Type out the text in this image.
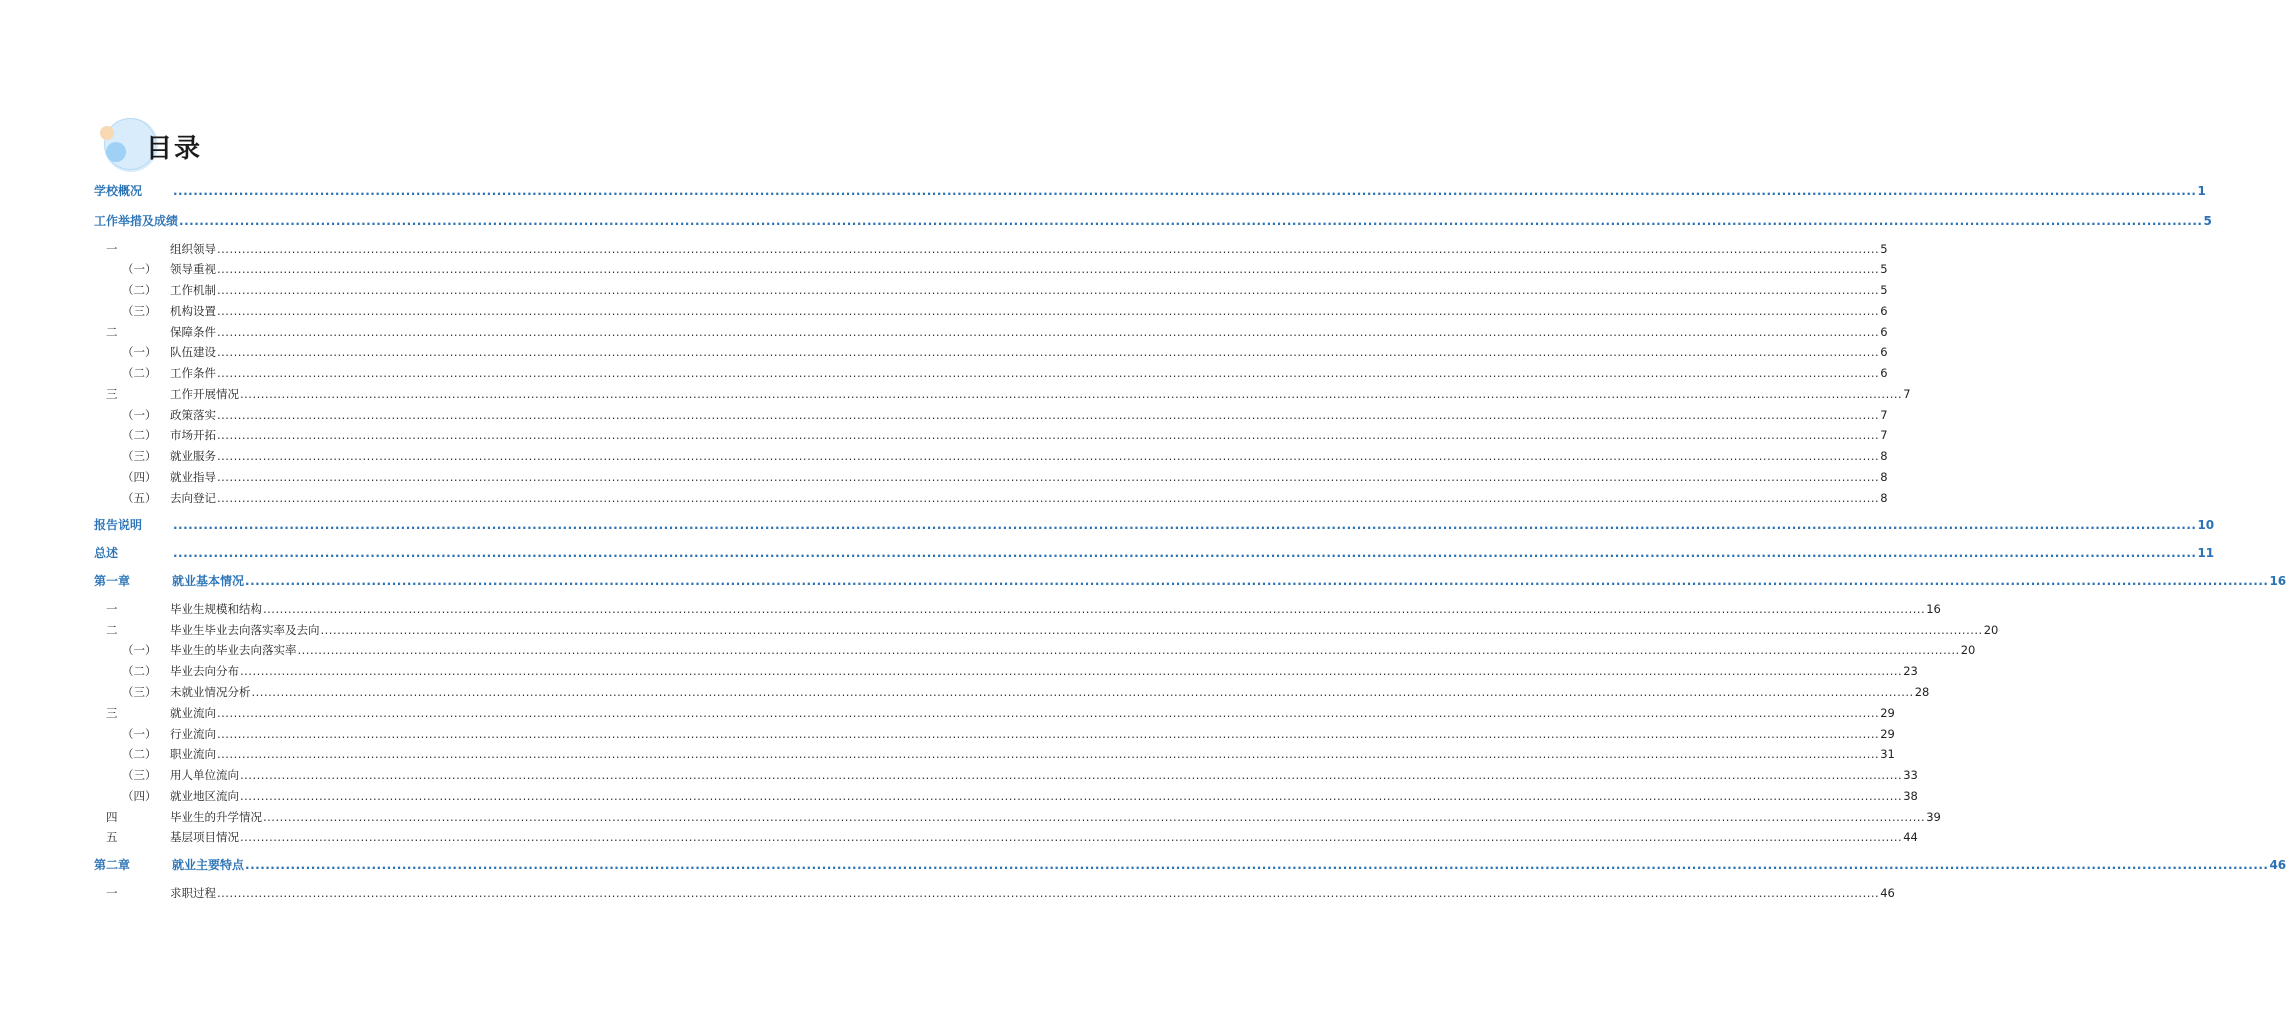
目录
学校概况	................................................................................................................................................................................................................................................................................................................................................................................................................ 1
工作举措及成绩 ................................................................................................................................................................................................................................................................................................................................................................................................................ 5
一	组织领导 ................................................................................................................................................................................................................................................................................................................................................................................................................ 5
（一）	领导重视 ................................................................................................................................................................................................................................................................................................................................................................................................................ 5
（二）	工作机制 ................................................................................................................................................................................................................................................................................................................................................................................................................ 5
（三）	机构设置 ................................................................................................................................................................................................................................................................................................................................................................................................................ 6
二	保障条件 ................................................................................................................................................................................................................................................................................................................................................................................................................ 6
（一）	队伍建设 ................................................................................................................................................................................................................................................................................................................................................................................................................ 6
（二）	工作条件 ................................................................................................................................................................................................................................................................................................................................................................................................................ 6
三	工作开展情况 ................................................................................................................................................................................................................................................................................................................................................................................................................ 7
（一）	政策落实 ................................................................................................................................................................................................................................................................................................................................................................................................................ 7
（二）	市场开拓 ................................................................................................................................................................................................................................................................................................................................................................................................................ 7
（三）	就业服务 ................................................................................................................................................................................................................................................................................................................................................................................................................ 8
（四）	就业指导 ................................................................................................................................................................................................................................................................................................................................................................................................................ 8
（五）	去向登记 ................................................................................................................................................................................................................................................................................................................................................................................................................ 8
报告说明	................................................................................................................................................................................................................................................................................................................................................................................................................ 10
总述	................................................................................................................................................................................................................................................................................................................................................................................................................ 11
第一章	就业基本情况 ................................................................................................................................................................................................................................................................................................................................................................................................................ 16
一	毕业生规模和结构 ................................................................................................................................................................................................................................................................................................................................................................................................................ 16
二	毕业生毕业去向落实率及去向 ................................................................................................................................................................................................................................................................................................................................................................................................................ 20
（一）	毕业生的毕业去向落实率 ................................................................................................................................................................................................................................................................................................................................................................................................................ 20
（二）	毕业去向分布 ................................................................................................................................................................................................................................................................................................................................................................................................................ 23
（三）	未就业情况分析 ................................................................................................................................................................................................................................................................................................................................................................................................................ 28
三	就业流向 ................................................................................................................................................................................................................................................................................................................................................................................................................ 29
（一）	行业流向 ................................................................................................................................................................................................................................................................................................................................................................................................................ 29
（二）	职业流向 ................................................................................................................................................................................................................................................................................................................................................................................................................ 31
（三）	用人单位流向 ................................................................................................................................................................................................................................................................................................................................................................................................................ 33
（四）	就业地区流向 ................................................................................................................................................................................................................................................................................................................................................................................................................ 38
四	毕业生的升学情况 ................................................................................................................................................................................................................................................................................................................................................................................................................ 39
五	基层项目情况 ................................................................................................................................................................................................................................................................................................................................................................................................................ 44
第二章	就业主要特点 ................................................................................................................................................................................................................................................................................................................................................................................................................ 46
一	求职过程 ................................................................................................................................................................................................................................................................................................................................................................................................................ 46
